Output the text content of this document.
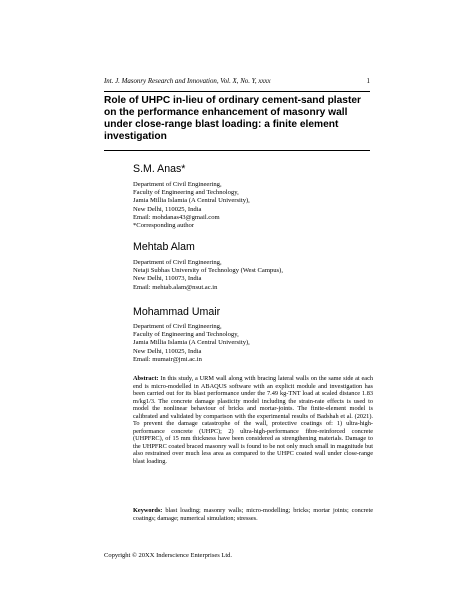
Int. J. Masonry Research and Innovation, Vol. X, No. Y, xxxx	1
Role of UHPC in-lieu of ordinary cement-sand plaster on the performance enhancement of masonry wall under close-range blast loading: a finite element investigation
S.M. Anas*
Department of Civil Engineering,
Faculty of Engineering and Technology,
Jamia Millia Islamia (A Central University),
New Delhi, 110025, India
Email: mohdanas43@gmail.com
*Corresponding author
Mehtab Alam
Department of Civil Engineering,
Netaji Subhas University of Technology (West Campus),
New Delhi, 110073, India
Email: mehtab.alam@nsut.ac.in
Mohammad Umair
Department of Civil Engineering,
Faculty of Engineering and Technology,
Jamia Millia Islamia (A Central University),
New Delhi, 110025, India
Email: mumair@jmi.ac.in
Abstract: In this study, a URM wall along with bracing lateral walls on the same side at each end is micro-modelled in ABAQUS software with an explicit module and investigation has been carried out for its blast performance under the 7.49 kg-TNT load at scaled distance 1.83 m/kg1/3. The concrete damage plasticity model including the strain-rate effects is used to model the nonlinear behaviour of bricks and mortar-joints. The finite-element model is calibrated and validated by comparison with the experimental results of Badshah et al. (2021). To prevent the damage catastrophe of the wall, protective coatings of: 1) ultra-high-performance concrete (UHPC); 2) ultra-high-performance fibre-reinforced concrete (UHPFRC), of 15 mm thickness have been considered as strengthening materials. Damage to the UHPFRC coated braced masonry wall is found to be not only much small in magnitude but also restrained over much less area as compared to the UHPC coated wall under close-range blast loading.
Keywords: blast loading; masonry walls; micro-modelling; bricks; mortar joints; concrete coatings; damage; numerical simulation; stresses.
Copyright © 20XX Inderscience Enterprises Ltd.
